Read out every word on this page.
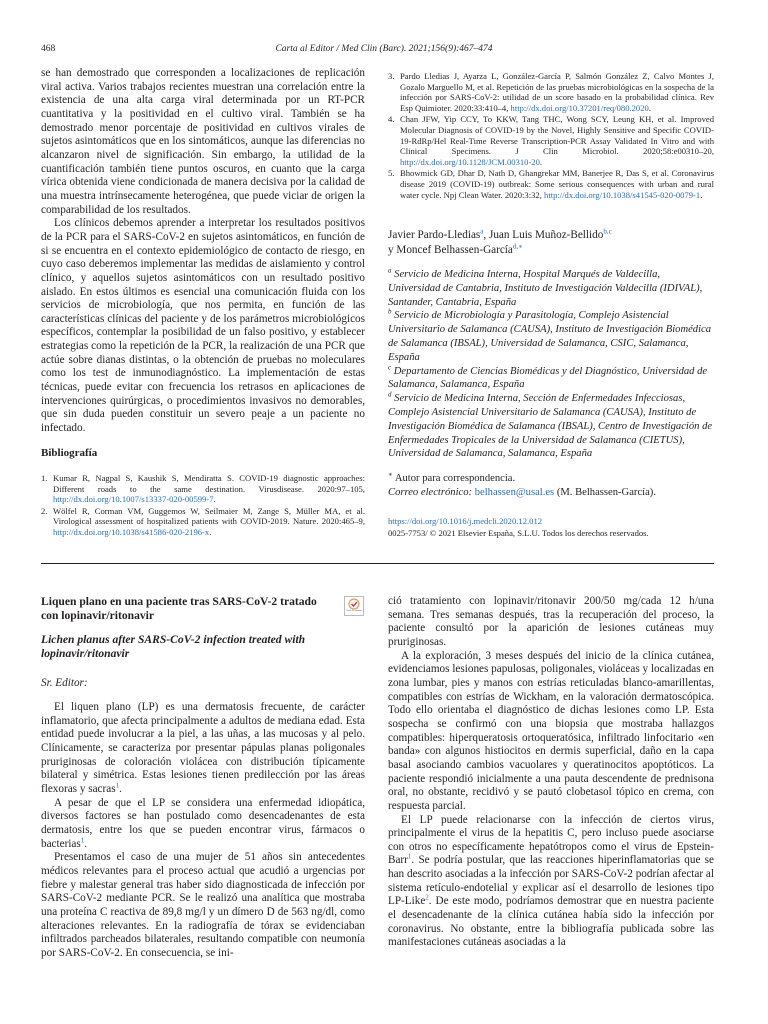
468	Carta al Editor / Med Clin (Barc). 2021;156(9):467–474

se han demostrado que corresponden a localizaciones de replicación viral activa. Varios trabajos recientes muestran una correlación entre la existencia de una alta carga viral determinada por un RT-PCR cuantitativa y la positividad en el cultivo viral. También se ha demostrado menor porcentaje de positividad en cultivos virales de sujetos asintomáticos que en los sintomáticos, aunque las diferencias no alcanzaron nivel de significación. Sin embargo, la utilidad de la cuantificación también tiene puntos oscuros, en cuanto que la carga vírica obtenida viene condicionada de manera decisiva por la calidad de una muestra intrínsecamente heterogénea, que puede viciar de origen la comparabilidad de los resultados.

Los clínicos debemos aprender a interpretar los resultados positivos de la PCR para el SARS-CoV-2 en sujetos asintomáticos, en función de si se encuentra en el contexto epidemiológico de contacto de riesgo, en cuyo caso deberemos implementar las medidas de aislamiento y control clínico, y aquellos sujetos asintomáticos con un resultado positivo aislado. En estos últimos es esencial una comunicación fluida con los servicios de microbiología, que nos permita, en función de las características clínicas del paciente y de los parámetros microbiológicos específicos, contemplar la posibilidad de un falso positivo, y establecer estrategias como la repetición de la PCR, la realización de una PCR que actúe sobre dianas distintas, o la obtención de pruebas no moleculares como los test de inmunodiagnóstico. La implementación de estas técnicas, puede evitar con frecuencia los retrasos en aplicaciones de intervenciones quirúrgicas, o procedimientos invasivos no demorables, que sin duda pueden constituir un severo peaje a un paciente no infectado.

Bibliografía
1. Kumar R, Nagpal S, Kaushik S, Mendiratta S. COVID-19 diagnostic approaches: Different roads to the same destination. Virusdisease. 2020:97–105, http://dx.doi.org/10.1007/s13337-020-00599-7.
2. Wölfel R, Corman VM, Guggemos W, Seilmaier M, Zange S, Müller MA, et al. Virological assessment of hospitalized patients with COVID-2019. Nature. 2020:465–9, http://dx.doi.org/10.1038/s41586-020-2196-x.
3. Pardo Lledias J, Ayarza L, González-García P, Salmón González Z, Calvo Montes J, Gozalo Marguello M, et al. Repetición de las pruebas microbiológicas en la sospecha de la infección por SARS-CoV-2: utilidad de un score basado en la probabilidad clínica. Rev Esp Quimioter. 2020:33:410–4, http://dx.doi.org/10.37201/req/080.2020.
4. Chan JFW, Yip CCY, To KKW, Tang THC, Wong SCY, Leung KH, et al. Improved Molecular Diagnosis of COVID-19 by the Novel, Highly Sensitive and Specific COVID-19-RdRp/Hel Real-Time Reverse Transcription-PCR Assay Validated In Vitro and with Clinical Specimens. J Clin Microbiol. 2020;58:e00310–20, http://dx.doi.org/10.1128/JCM.00310-20.
5. Bhowmick GD, Dhar D, Nath D, Ghangrekar MM, Banerjee R, Das S, et al. Coronavirus disease 2019 (COVID-19) outbreak: Some serious consequences with urban and rural water cycle. Npj Clean Water. 2020:3:32, http://dx.doi.org/10.1038/s41545-020-0079-1.
Javier Pardo-Lledias$^a$, Juan Luis Muñoz-Bellido$^{b,c}$
y Moncef Belhassen-García$^{d,∗}$

$^a$ Servicio de Medicina Interna, Hospital Marqués de Valdecilla, Universidad de Cantabria, Instituto de Investigación Valdecilla (IDIVAL), Santander, Cantabria, España

$^b$ Servicio de Microbiología y Parasitología, Complejo Asistencial Universitario de Salamanca (CAUSA), Instituto de Investigación Biomédica de Salamanca (IBSAL), Universidad de Salamanca, CSIC, Salamanca, España

$^c$ Departamento de Ciencias Biomédicas y del Diagnóstico, Universidad de Salamanca, Salamanca, España

$^d$ Servicio de Medicina Interna, Sección de Enfermedades Infecciosas, Complejo Asistencial Universitario de Salamanca (CAUSA), Instituto de Investigación Biomédica de Salamanca (IBSAL), Centro de Investigación de Enfermedades Tropicales de la Universidad de Salamanca (CIETUS), Universidad de Salamanca, Salamanca, España

∗ Autor para correspondencia.
Correo electrónico: belhassen@usal.es (M. Belhassen-García).
https://doi.org/10.1016/j.medcli.2020.12.012
0025-7753/ © 2021 Elsevier España, S.L.U. Todos los derechos reservados.
Liquen plano en una paciente tras SARS-CoV-2 tratado con lopinavir/ritonavir	Check for updates
Lichen planus after SARS-CoV-2 infection treated with lopinavir/ritonavir
Sr. Editor:

El liquen plano (LP) es una dermatosis frecuente, de carácter inflamatorio, que afecta principalmente a adultos de mediana edad. Esta entidad puede involucrar a la piel, a las uñas, a las mucosas y al pelo. Clínicamente, se caracteriza por presentar pápulas planas poligonales pruriginosas de coloración violácea con distribución típicamente bilateral y simétrica. Estas lesiones tienen predilección por las áreas flexoras y sacras$^1$.

A pesar de que el LP se considera una enfermedad idiopática, diversos factores se han postulado como desencadenantes de esta dermatosis, entre los que se pueden encontrar virus, fármacos o bacterias$^1$.

Presentamos el caso de una mujer de 51 años sin antecedentes médicos relevantes para el proceso actual que acudió a urgencias por fiebre y malestar general tras haber sido diagnosticada de infección por SARS-CoV-2 mediante PCR. Se le realizó una analítica que mostraba una proteína C reactiva de 89,8 mg/l y un dímero D de 563 ng/dl, como alteraciones relevantes. En la radiografía de tórax se evidenciaban infiltrados parcheados bilaterales, resultando compatible con neumonía por SARS-CoV-2. En consecuencia, se ini-

ció tratamiento con lopinavir/ritonavir 200/50 mg/cada 12 h/una semana. Tres semanas después, tras la recuperación del proceso, la paciente consultó por la aparición de lesiones cutáneas muy pruriginosas.

A la exploración, 3 meses después del inicio de la clínica cutánea, evidenciamos lesiones papulosas, poligonales, violáceas y localizadas en zona lumbar, pies y manos con estrías reticuladas blanco-amarillentas, compatibles con estrías de Wickham, en la valoración dermatoscópica. Todo ello orientaba el diagnóstico de dichas lesiones como LP. Esta sospecha se confirmó con una biopsia que mostraba hallazgos compatibles: hiperqueratosis ortoqueratósica, infiltrado linfocitario «en banda» con algunos histiocitos en dermis superficial, daño en la capa basal asociando cambios vacuolares y queratinocitos apoptóticos. La paciente respondió inicialmente a una pauta descendente de prednisona oral, no obstante, recidivó y se pautó clobetasol tópico en crema, con respuesta parcial.

El LP puede relacionarse con la infección de ciertos virus, principalmente el virus de la hepatitis C, pero incluso puede asociarse con otros no específicamente hepatótropos como el virus de Epstein-Barr$^1$. Se podría postular, que las reacciones hiperinflamatorias que se han descrito asociadas a la infección por SARS-CoV-2 podrían afectar al sistema retículo-endotelial y explicar así el desarrollo de lesiones tipo LP-Like$^2$. De este modo, podríamos demostrar que en nuestra paciente el desencadenante de la clínica cutánea había sido la infección por coronavirus. No obstante, entre la bibliografía publicada sobre las manifestaciones cutáneas asociadas a la
